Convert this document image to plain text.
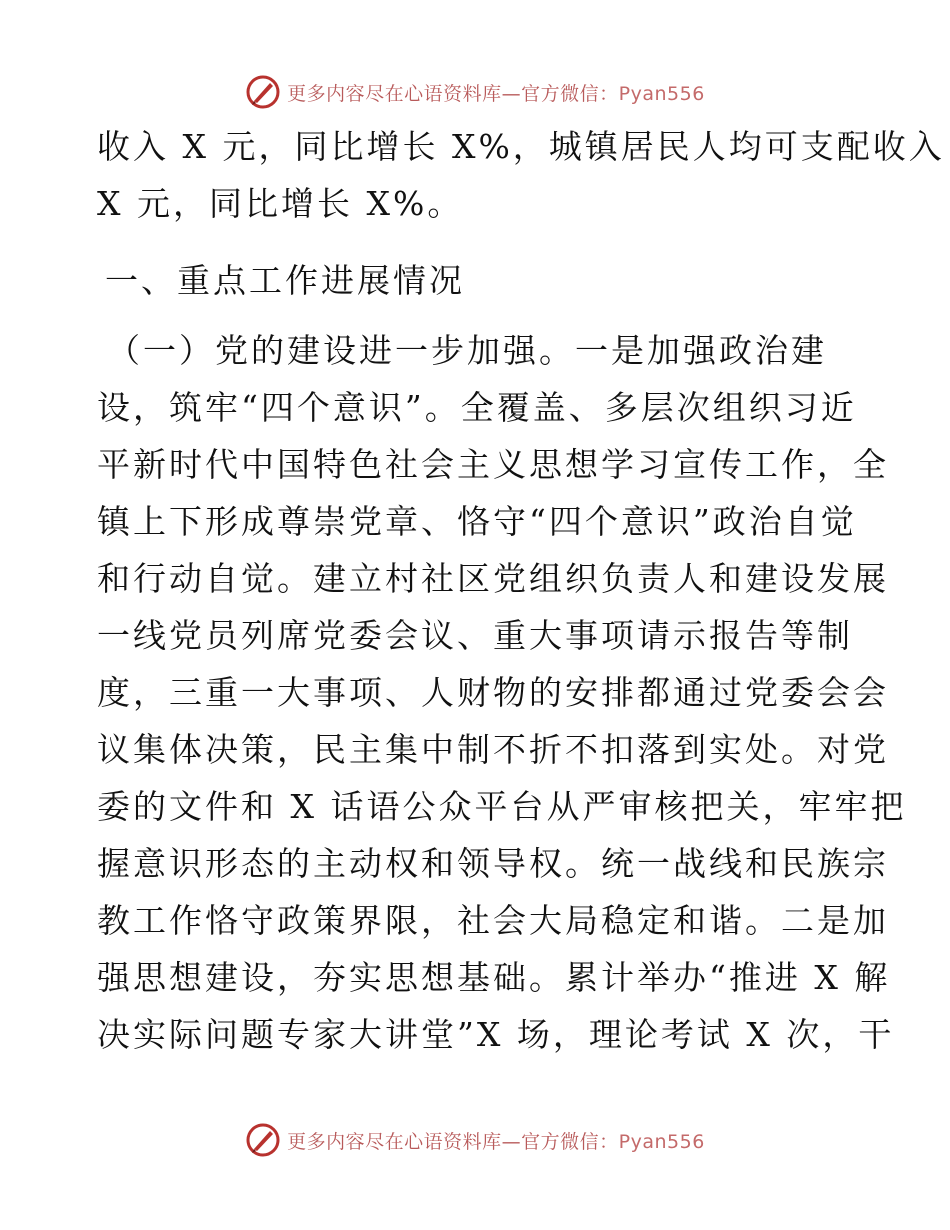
更多内容尽在心语资料库—官方微信：Pyan556
收入 X 元，同比增长 X%，城镇居民人均可支配收入
X 元，同比增长 X%。
一、重点工作进展情况
（一）党的建设进一步加强。一是加强政治建
设，筑牢“四个意识”。全覆盖、多层次组织习近
平新时代中国特色社会主义思想学习宣传工作，全
镇上下形成尊崇党章、恪守“四个意识”政治自觉
和行动自觉。建立村社区党组织负责人和建设发展
一线党员列席党委会议、重大事项请示报告等制
度，三重一大事项、人财物的安排都通过党委会会
议集体决策，民主集中制不折不扣落到实处。对党
委的文件和 X 话语公众平台从严审核把关，牢牢把
握意识形态的主动权和领导权。统一战线和民族宗
教工作恪守政策界限，社会大局稳定和谐。二是加
强思想建设，夯实思想基础。累计举办“推进 X 解
决实际问题专家大讲堂”X 场，理论考试 X 次，干
更多内容尽在心语资料库—官方微信：Pyan556
